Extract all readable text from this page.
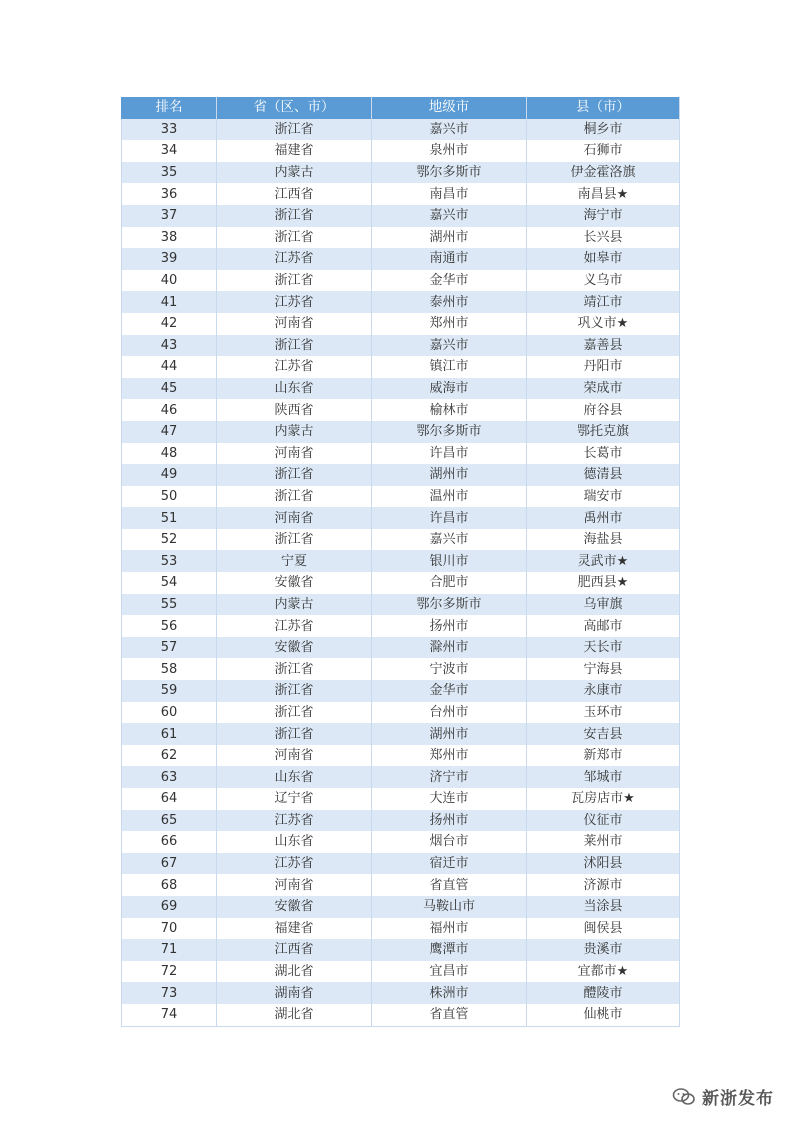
排名	省（区、市）	地级市	县（市）
33	浙江省	嘉兴市	桐乡市
34	福建省	泉州市	石狮市
35	内蒙古	鄂尔多斯市	伊金霍洛旗
36	江西省	南昌市	南昌县★
37	浙江省	嘉兴市	海宁市
38	浙江省	湖州市	长兴县
39	江苏省	南通市	如皋市
40	浙江省	金华市	义乌市
41	江苏省	泰州市	靖江市
42	河南省	郑州市	巩义市★
43	浙江省	嘉兴市	嘉善县
44	江苏省	镇江市	丹阳市
45	山东省	威海市	荣成市
46	陕西省	榆林市	府谷县
47	内蒙古	鄂尔多斯市	鄂托克旗
48	河南省	许昌市	长葛市
49	浙江省	湖州市	德清县
50	浙江省	温州市	瑞安市
51	河南省	许昌市	禹州市
52	浙江省	嘉兴市	海盐县
53	宁夏	银川市	灵武市★
54	安徽省	合肥市	肥西县★
55	内蒙古	鄂尔多斯市	乌审旗
56	江苏省	扬州市	高邮市
57	安徽省	滁州市	天长市
58	浙江省	宁波市	宁海县
59	浙江省	金华市	永康市
60	浙江省	台州市	玉环市
61	浙江省	湖州市	安吉县
62	河南省	郑州市	新郑市
63	山东省	济宁市	邹城市
64	辽宁省	大连市	瓦房店市★
65	江苏省	扬州市	仪征市
66	山东省	烟台市	莱州市
67	江苏省	宿迁市	沭阳县
68	河南省	省直管	济源市
69	安徽省	马鞍山市	当涂县
70	福建省	福州市	闽侯县
71	江西省	鹰潭市	贵溪市
72	湖北省	宜昌市	宜都市★
73	湖南省	株洲市	醴陵市
74	湖北省	省直管	仙桃市
新浙发布
